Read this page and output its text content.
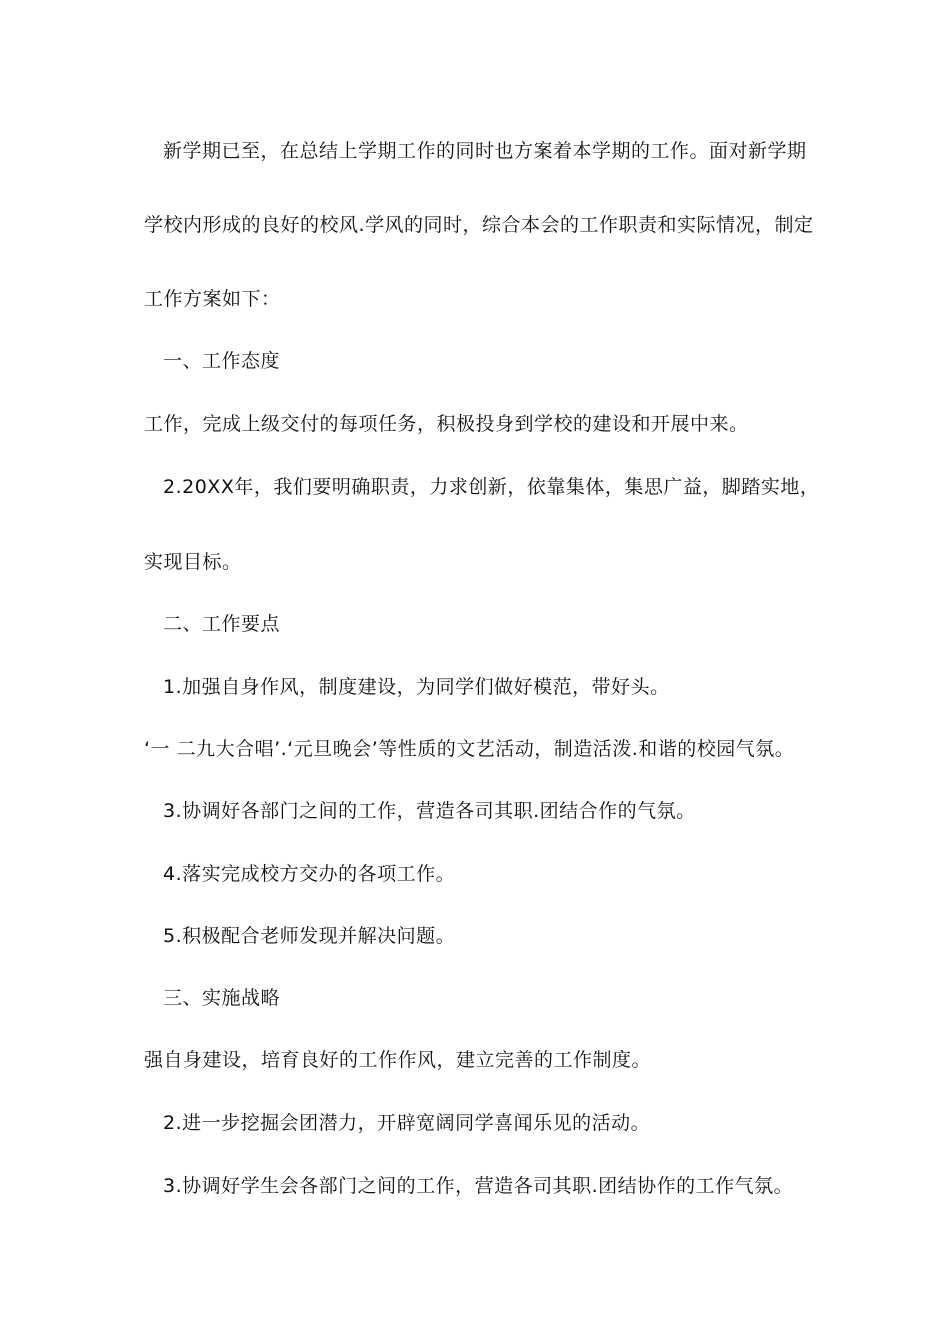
新学期已至，在总结上学期工作的同时也方案着本学期的工作。面对新学期
学校内形成的良好的校风.学风的同时，综合本会的工作职责和实际情况，制定
工作方案如下：
一、工作态度
工作，完成上级交付的每项任务，积极投身到学校的建设和开展中来。
2.20XX年，我们要明确职责，力求创新，依靠集体，集思广益，脚踏实地，
实现目标。
二、工作要点
1.加强自身作风，制度建设，为同学们做好模范，带好头。
‘一 二九大合唱’.‘元旦晚会’等性质的文艺活动，制造活泼.和谐的校园气氛。
3.协调好各部门之间的工作，营造各司其职.团结合作的气氛。
4.落实完成校方交办的各项工作。
5.积极配合老师发现并解决问题。
三、实施战略
强自身建设，培育良好的工作作风，建立完善的工作制度。
2.进一步挖掘会团潜力，开辟宽阔同学喜闻乐见的活动。
3.协调好学生会各部门之间的工作，营造各司其职.团结协作的工作气氛。
